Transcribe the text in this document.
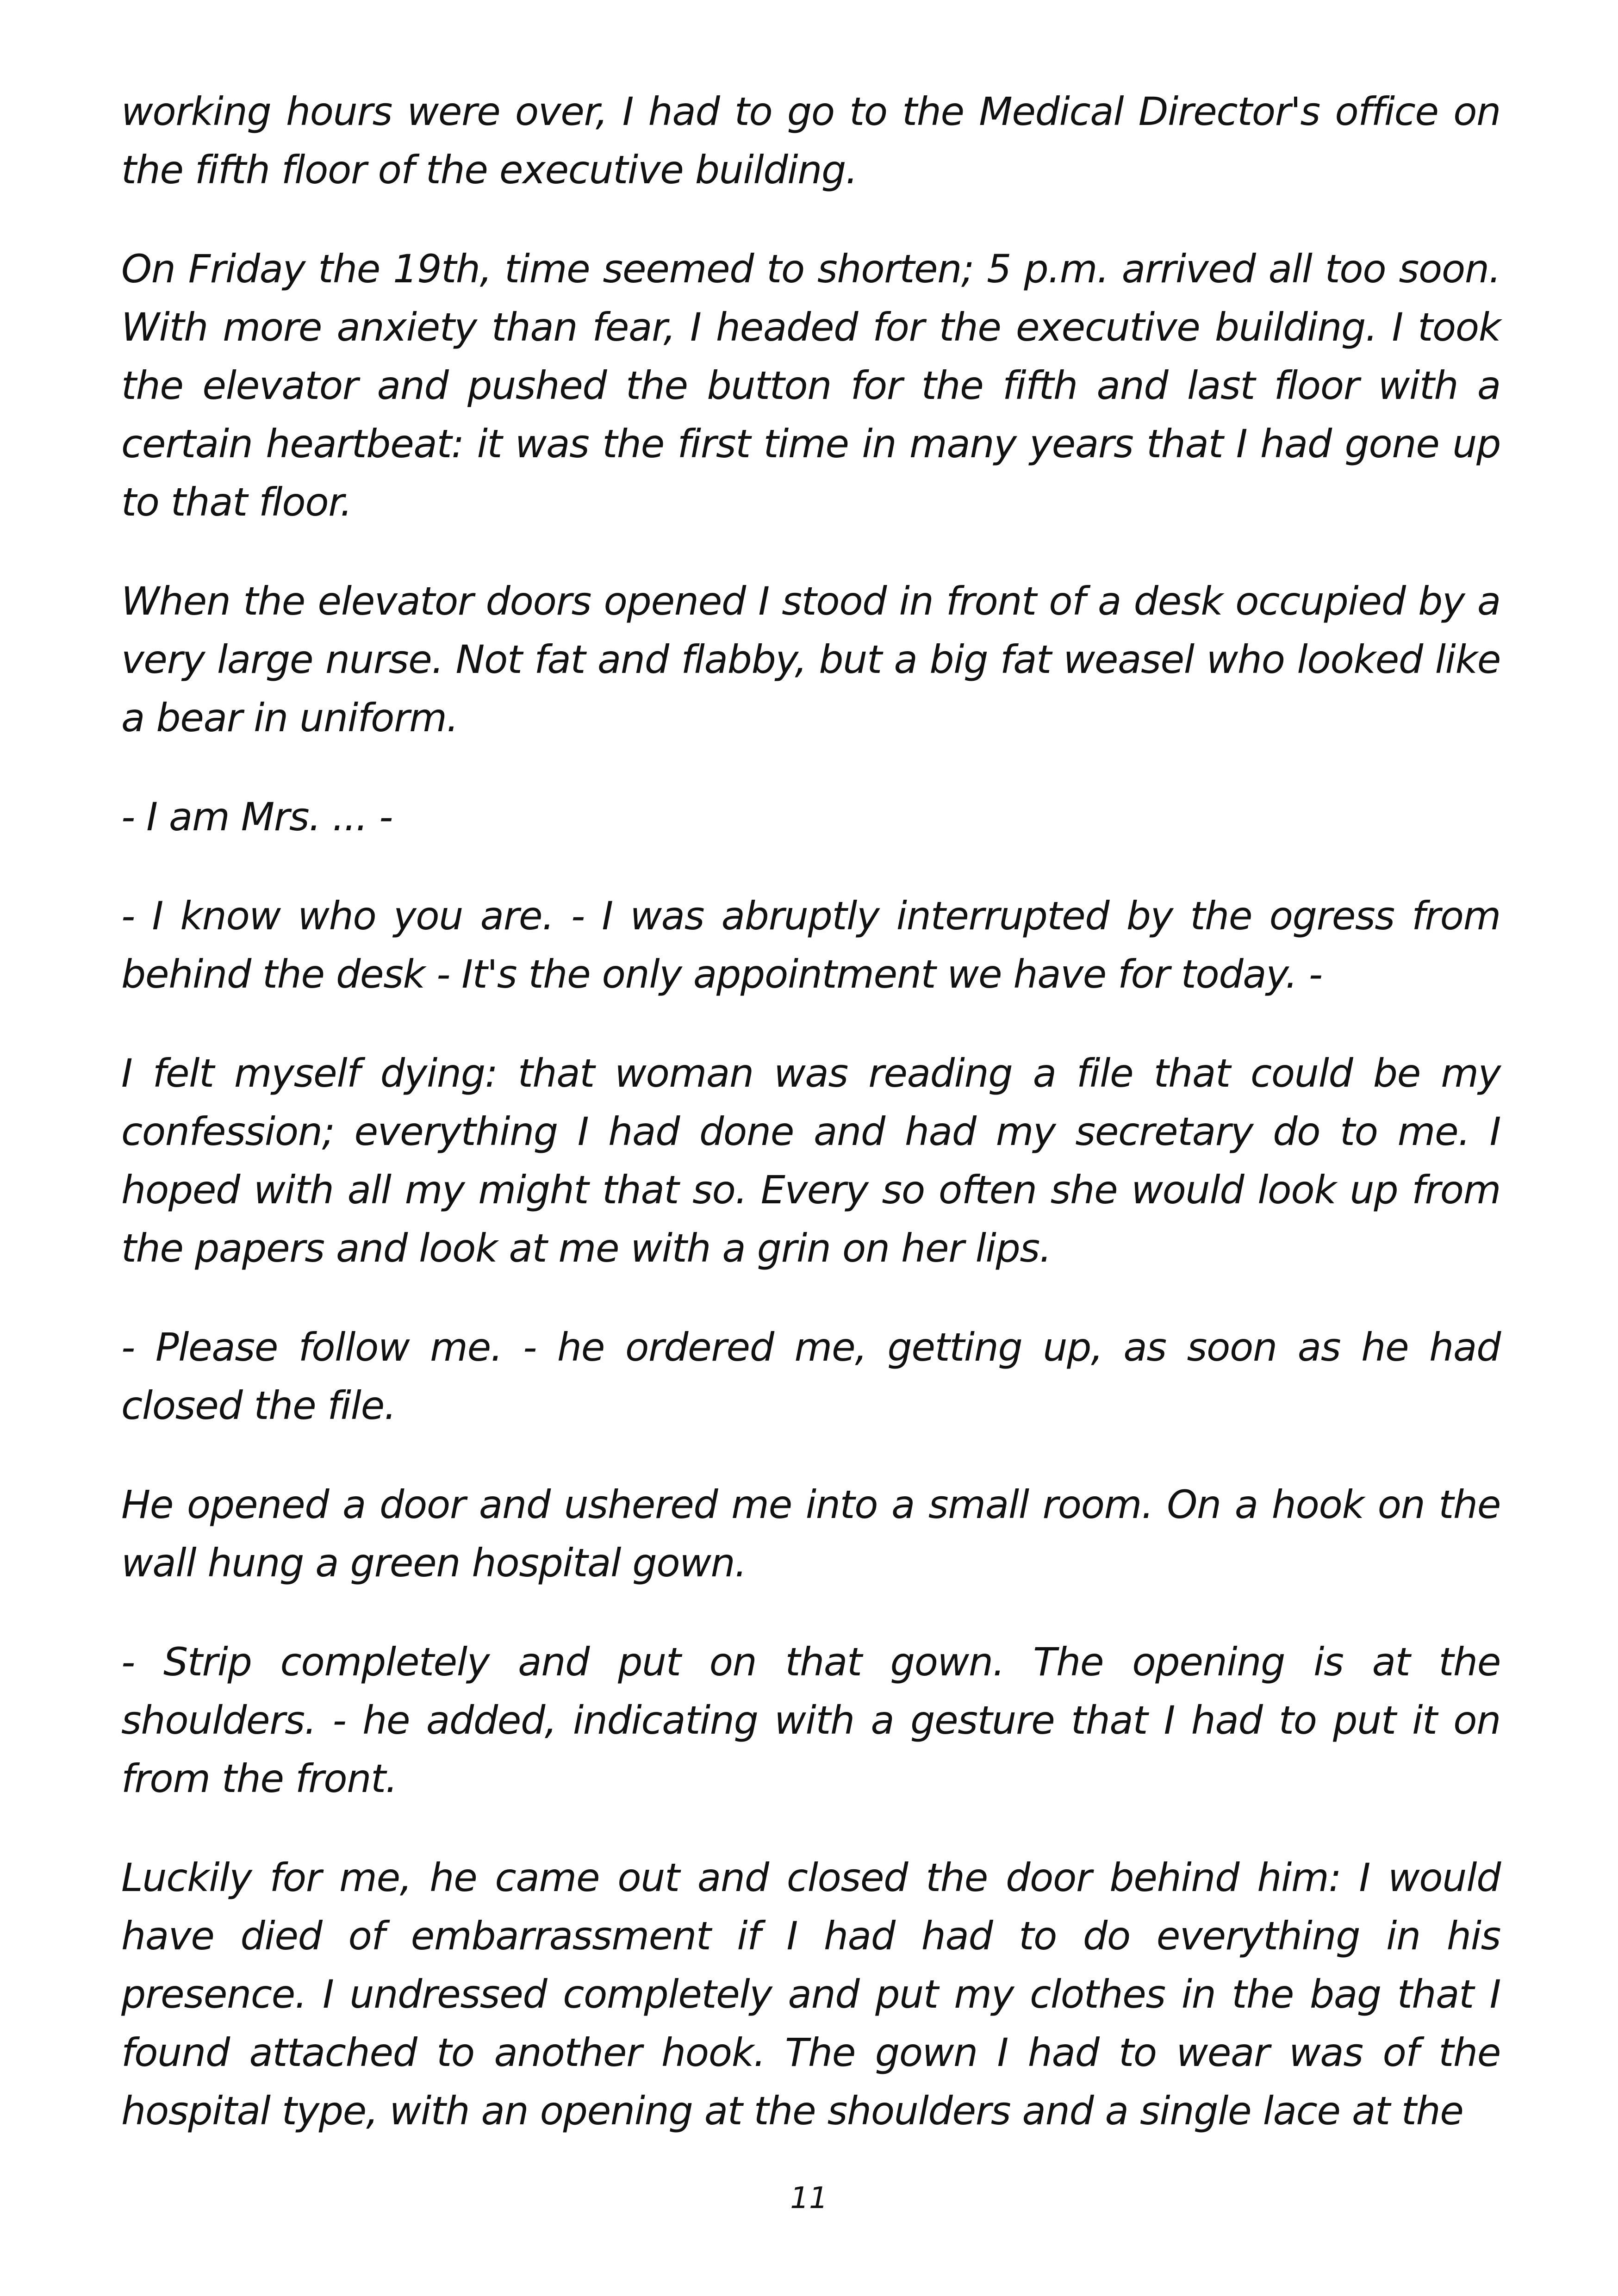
working hours were over, I had to go to the Medical Director's office on the fifth floor of the executive building.

On Friday the 19th, time seemed to shorten; 5 p.m. arrived all too soon. With more anxiety than fear, I headed for the executive building. I took the elevator and pushed the button for the fifth and last floor with a certain heartbeat: it was the first time in many years that I had gone up to that floor.

When the elevator doors opened I stood in front of a desk occupied by a very large nurse. Not fat and flabby, but a big fat weasel who looked like a bear in uniform.

- I am Mrs. ... -

- I know who you are. - I was abruptly interrupted by the ogress from behind the desk - It's the only appointment we have for today. -

I felt myself dying: that woman was reading a file that could be my confession; everything I had done and had my secretary do to me. I hoped with all my might that so. Every so often she would look up from the papers and look at me with a grin on her lips.

- Please follow me. - he ordered me, getting up, as soon as he had closed the file.

He opened a door and ushered me into a small room. On a hook on the wall hung a green hospital gown.

- Strip completely and put on that gown. The opening is at the shoulders. - he added, indicating with a gesture that I had to put it on from the front.

Luckily for me, he came out and closed the door behind him: I would have died of embarrassment if I had had to do everything in his presence. I undressed completely and put my clothes in the bag that I found attached to another hook. The gown I had to wear was of the hospital type, with an opening at the shoulders and a single lace at the

11
